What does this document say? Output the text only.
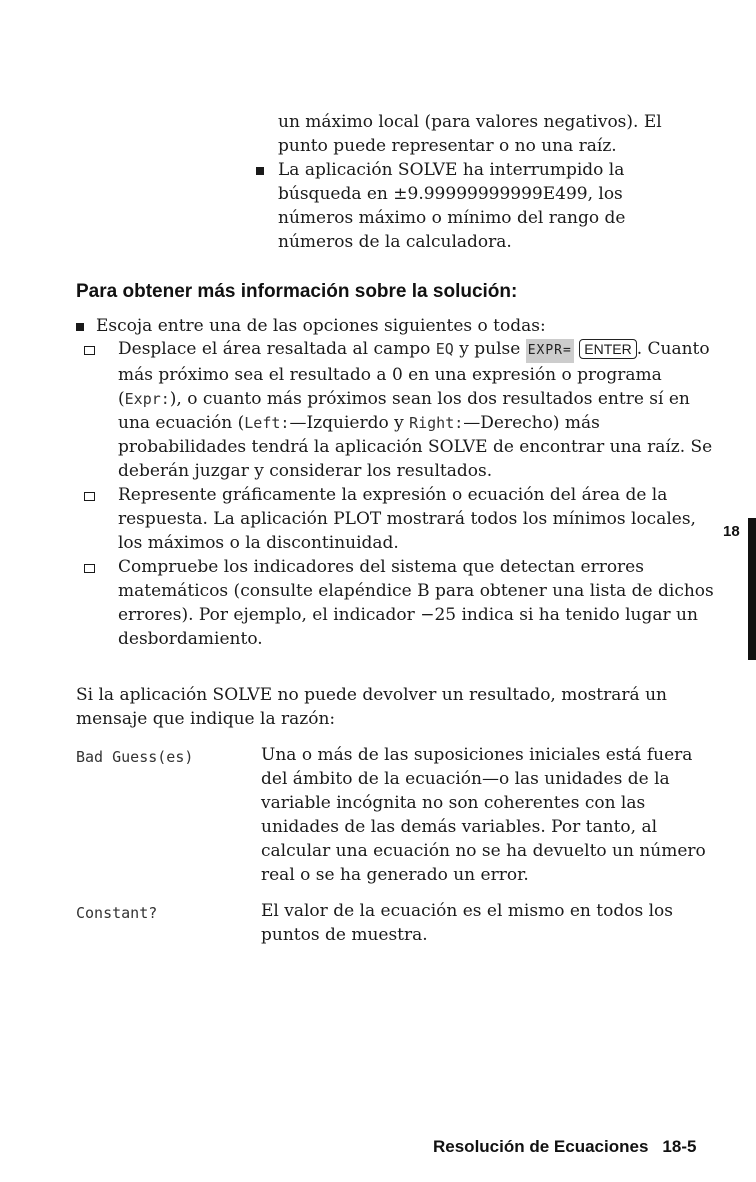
un máximo local (para valores negativos). El punto puede representar o no una raíz.

La aplicación SOLVE ha interrumpido la búsqueda en ±9.99999999999E499, los números máximo o mínimo del rango de números de la calculadora.

Para obtener más información sobre la solución:
Escoja entre una de las opciones siguientes o todas:
Desplace el área resaltada al campo EQ y pulse EXPR= ENTER . Cuanto más próximo sea el resultado a 0 en una expresión o programa (Expr:), o cuanto más próximos sean los dos resultados entre sí en una ecuación (Left:—Izquierdo y Right:—Derecho) más probabilidades tendrá la aplicación SOLVE de encontrar una raíz. Se deberán juzgar y considerar los resultados.
Represente gráficamente la expresión o ecuación del área de la respuesta. La aplicación PLOT mostrará todos los mínimos locales, los máximos o la discontinuidad.
Compruebe los indicadores del sistema que detectan errores matemáticos (consulte elapéndice B para obtener una lista de dichos errores). Por ejemplo, el indicador −25 indica si ha tenido lugar un desbordamiento.
Si la aplicación SOLVE no puede devolver un resultado, mostrará un mensaje que indique la razón:
Bad Guess(es)	Una o más de las suposiciones iniciales está fuera del ámbito de la ecuación—o las unidades de la variable incógnita no son coherentes con las unidades de las demás variables. Por tanto, al calcular una ecuación no se ha devuelto un número real o se ha generado un error.
Constant?	El valor de la ecuación es el mismo en todos los puntos de muestra.
18
Resolución de Ecuaciones 18-5
